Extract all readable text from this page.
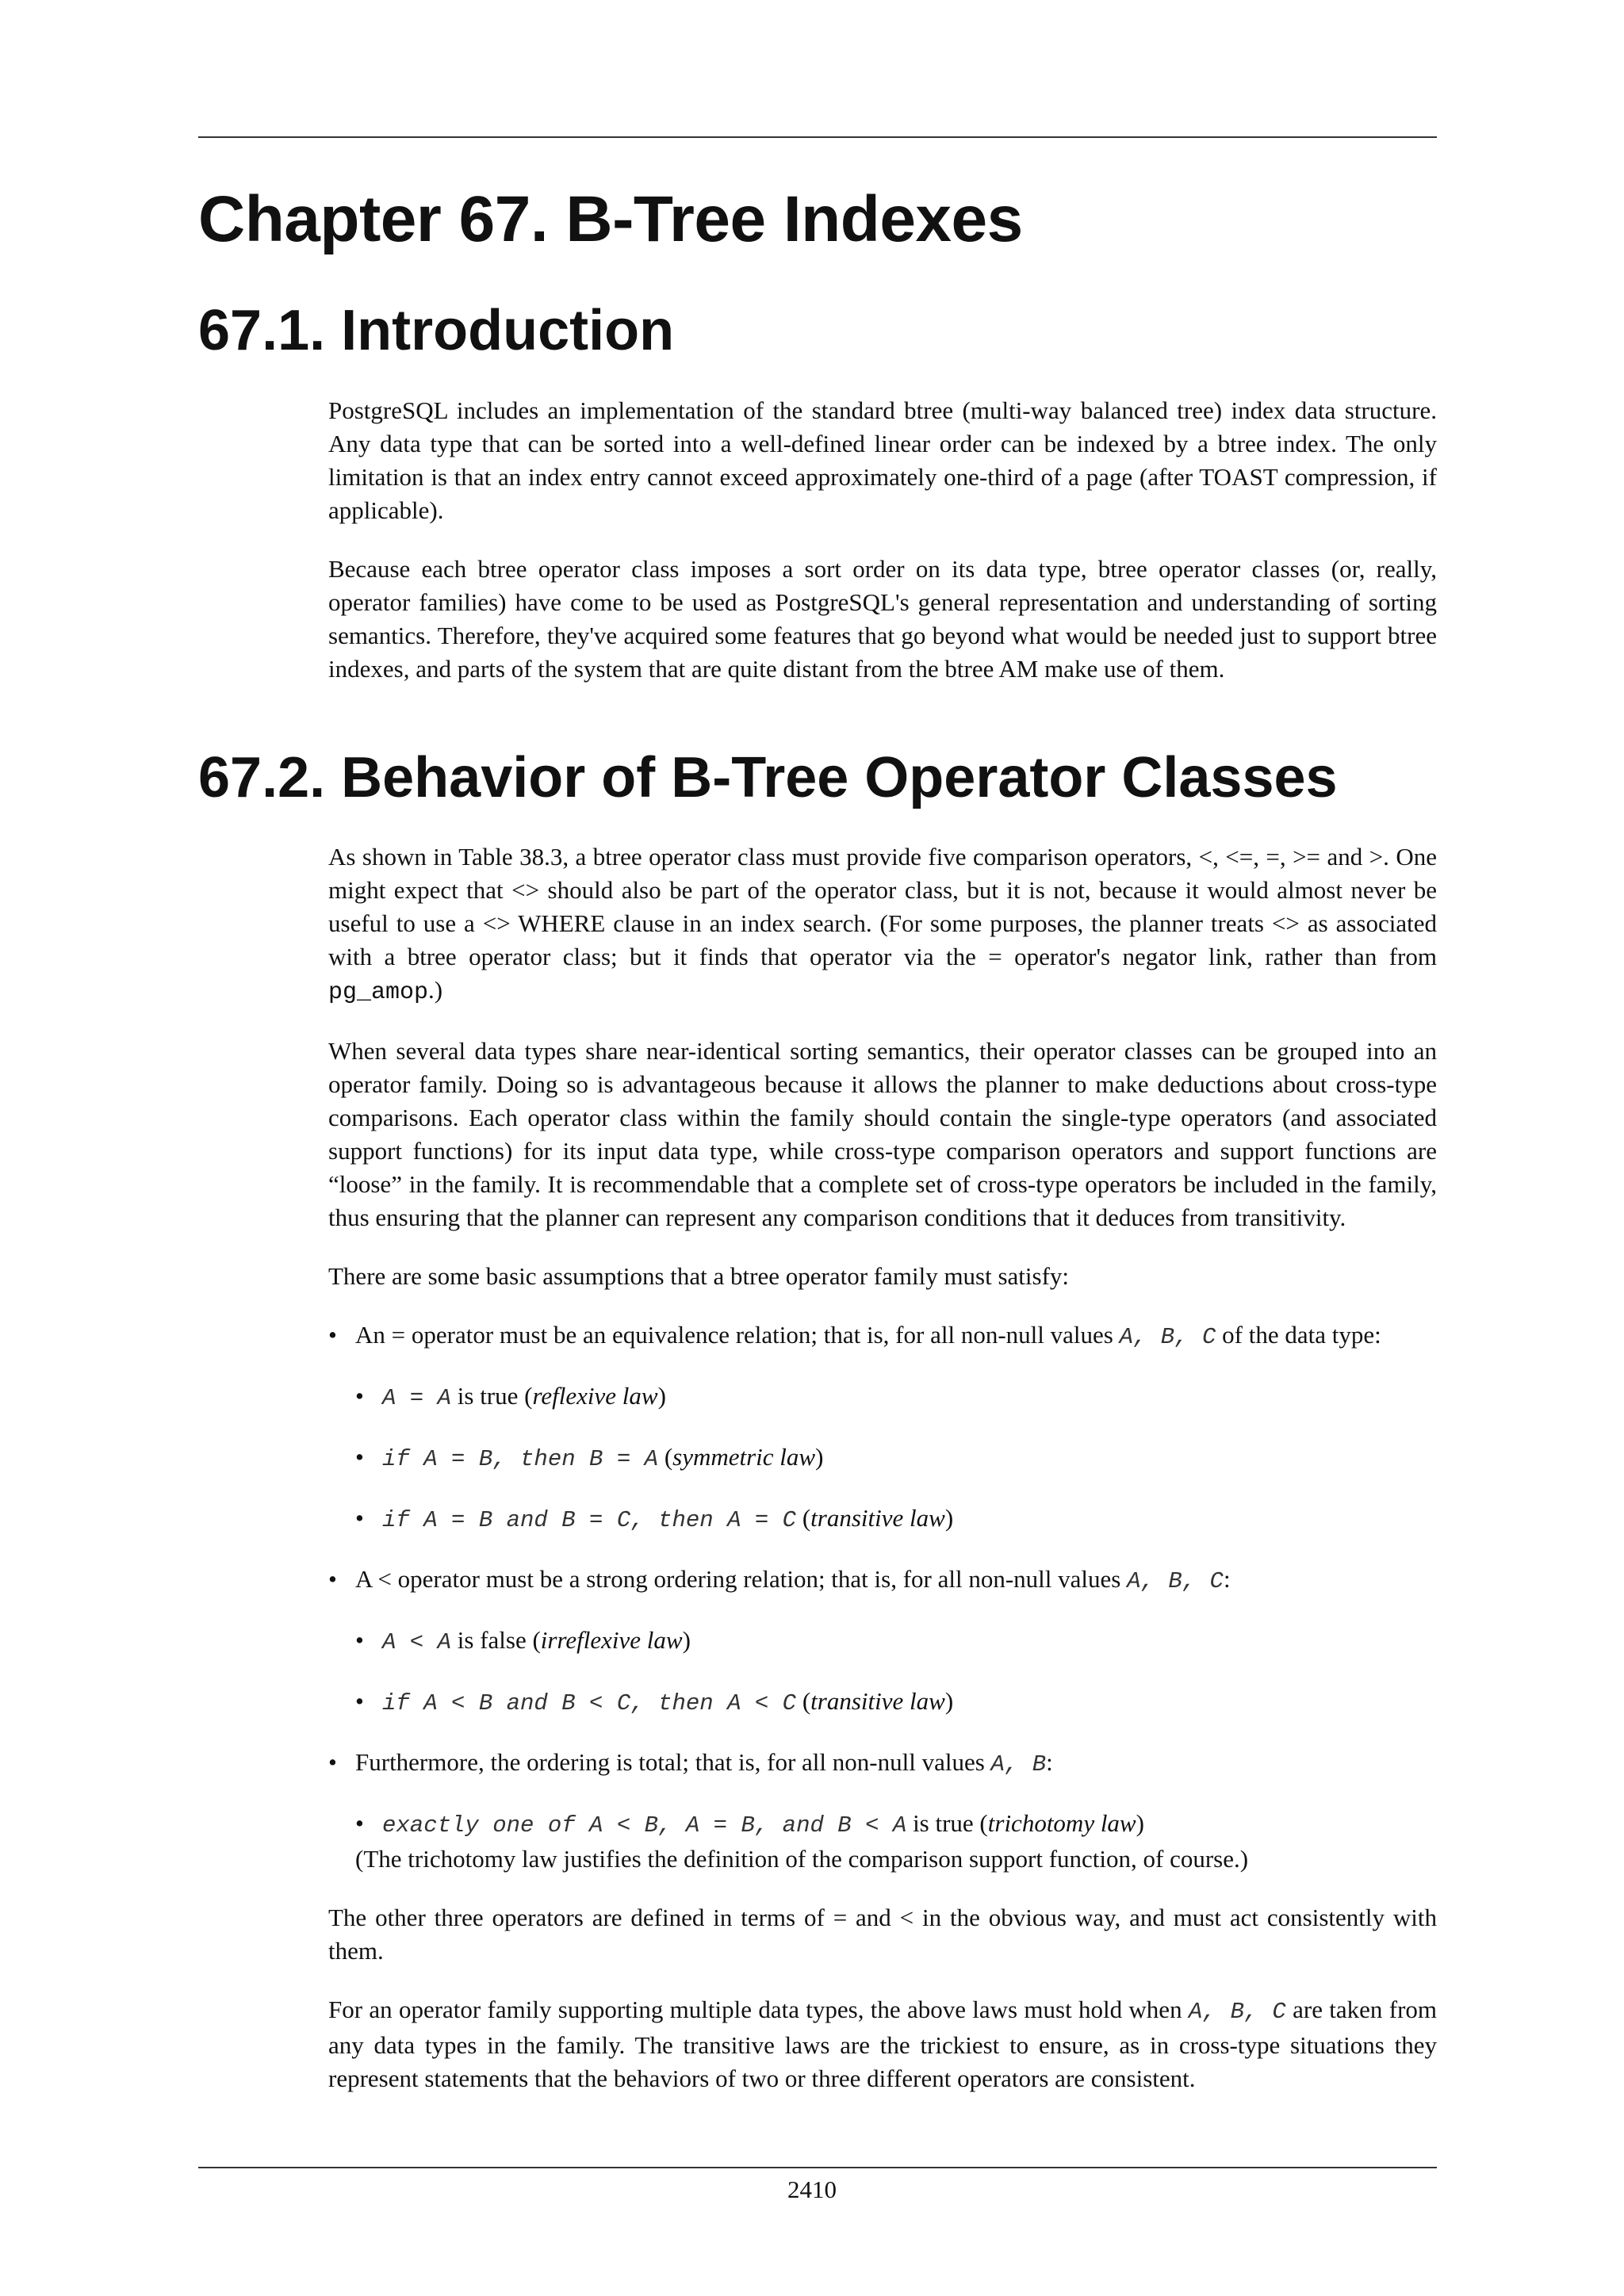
Chapter 67. B-Tree Indexes
67.1. Introduction

PostgreSQL includes an implementation of the standard btree (multi-way balanced tree) index data structure. Any data type that can be sorted into a well-defined linear order can be indexed by a btree index. The only limitation is that an index entry cannot exceed approximately one-third of a page (after TOAST compression, if applicable).

Because each btree operator class imposes a sort order on its data type, btree operator classes (or, really, operator families) have come to be used as PostgreSQL's general representation and understanding of sorting semantics. Therefore, they've acquired some features that go beyond what would be needed just to support btree indexes, and parts of the system that are quite distant from the btree AM make use of them.

67.2. Behavior of B-Tree Operator Classes

As shown in Table 38.3, a btree operator class must provide five comparison operators, <, <=, =, >= and >. One might expect that <> should also be part of the operator class, but it is not, because it would almost never be useful to use a <> WHERE clause in an index search. (For some purposes, the planner treats <> as associated with a btree operator class; but it finds that operator via the = operator's negator link, rather than from pg_amop.)

When several data types share near-identical sorting semantics, their operator classes can be grouped into an operator family. Doing so is advantageous because it allows the planner to make deductions about cross-type comparisons. Each operator class within the family should contain the single-type operators (and associated support functions) for its input data type, while cross-type comparison operators and support functions are “loose” in the family. It is recommendable that a complete set of cross-type operators be included in the family, thus ensuring that the planner can represent any comparison conditions that it deduces from transitivity.

There are some basic assumptions that a btree operator family must satisfy:

• An = operator must be an equivalence relation; that is, for all non-null values A, B, C of the data type:
• A = A is true (reflexive law)
• if A = B, then B = A (symmetric law)
• if A = B and B = C, then A = C (transitive law)
• A < operator must be a strong ordering relation; that is, for all non-null values A, B, C:
• A < A is false (irreflexive law)
• if A < B and B < C, then A < C (transitive law)
• Furthermore, the ordering is total; that is, for all non-null values A, B:
• exactly one of A < B, A = B, and B < A is true (trichotomy law)
(The trichotomy law justifies the definition of the comparison support function, of course.)

The other three operators are defined in terms of = and < in the obvious way, and must act consistently with them.

For an operator family supporting multiple data types, the above laws must hold when A, B, C are taken from any data types in the family. The transitive laws are the trickiest to ensure, as in cross-type situations they represent statements that the behaviors of two or three different operators are consistent.

2410
